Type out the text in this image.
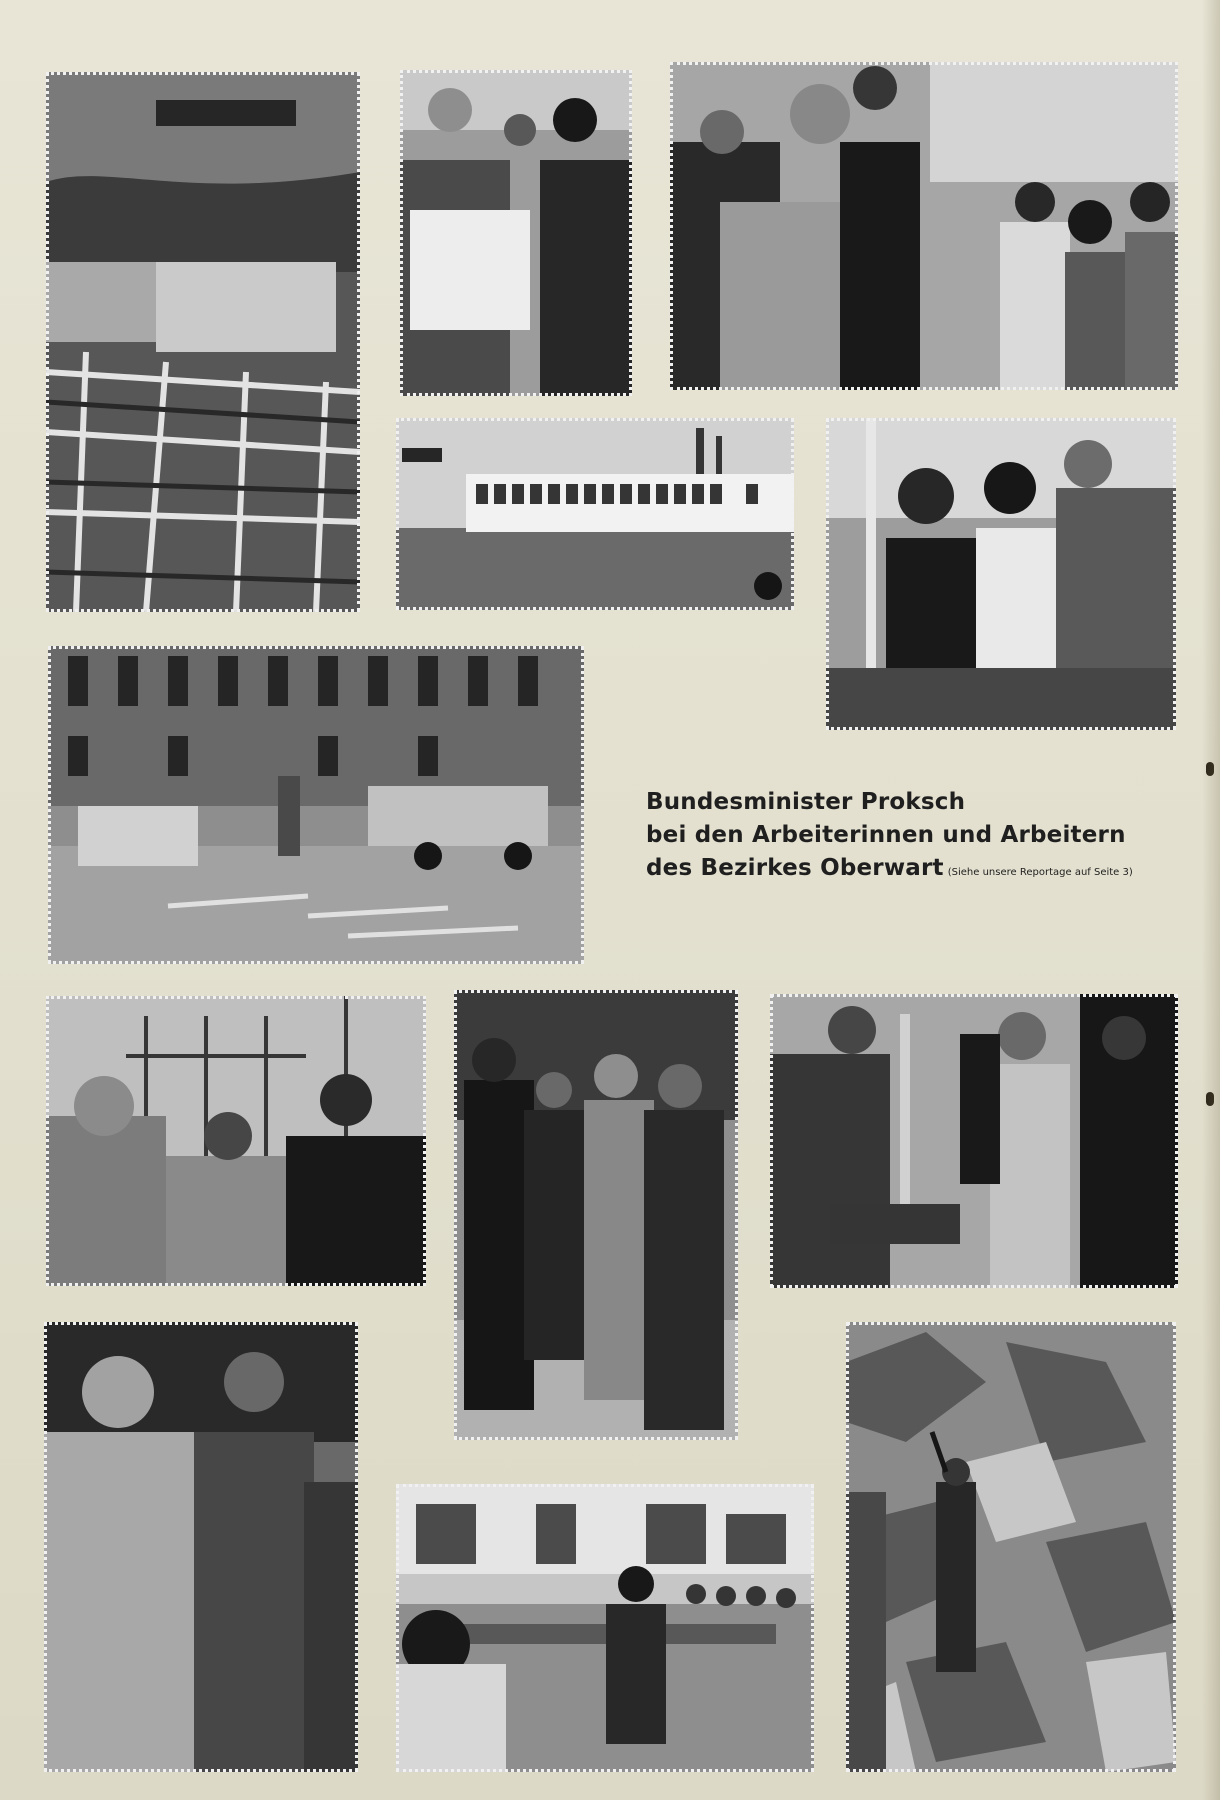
Bundesminister Proksch
bei den Arbeiterinnen und Arbeitern
des Bezirkes Oberwart (Siehe unsere Reportage auf Seite 3)
